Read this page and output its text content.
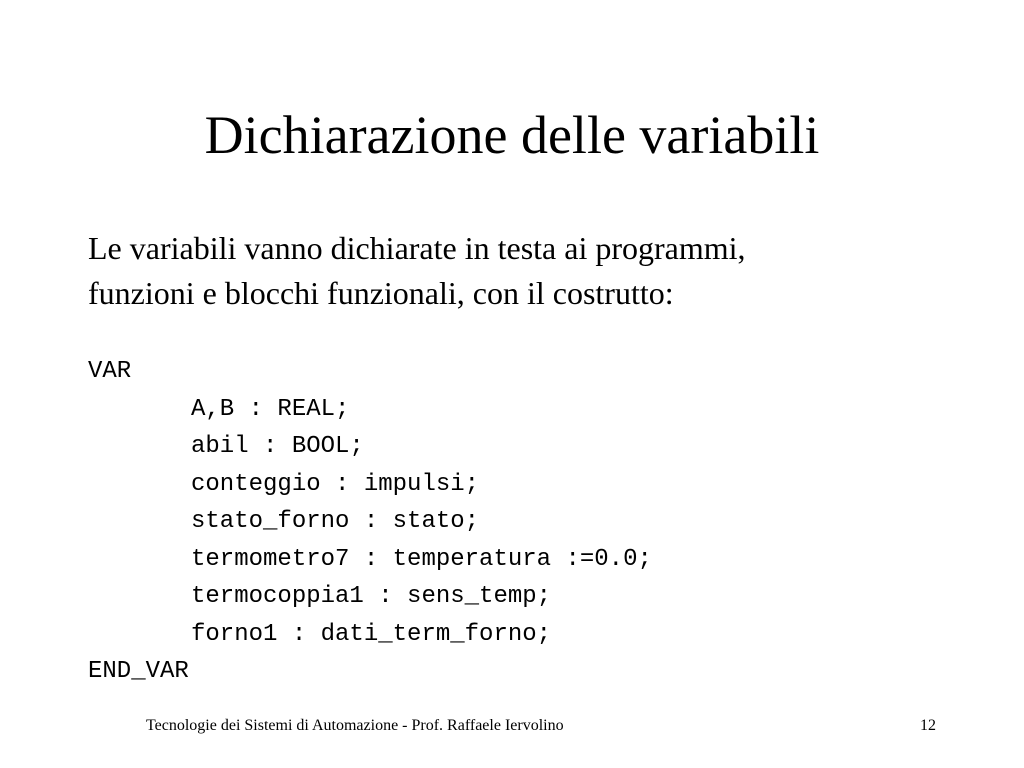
Dichiarazione delle variabili
Le variabili vanno dichiarate in testa ai programmi,
funzioni e blocchi funzionali, con il costrutto:
VAR
A,B : REAL;
abil : BOOL;
conteggio : impulsi;
stato_forno : stato;
termometro7 : temperatura :=0.0;
termocoppia1 : sens_temp;
forno1 : dati_term_forno;
END_VAR
Tecnologie dei Sistemi di Automazione - Prof. Raffaele Iervolino	12
